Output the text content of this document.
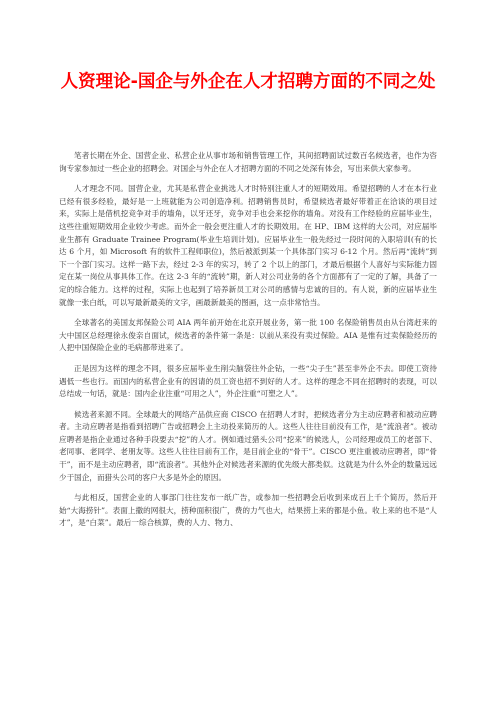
人资理论-国企与外企在人才招聘方面的不同之处

笔者长期在外企、国营企业、私营企业从事市场和销售管理工作，其间招聘面试过数百名候选者，也作为咨询专家参加过一些企业的招聘会。对国企与外企在人才招聘方面的不同之处深有体会，写出来供大家参考。

人才理念不同。国营企业，尤其是私营企业挑选人才时特别注重人才的短期效用。希望招聘的人才在本行业已经有很多经验，最好是一上班就能为公司创造净利。招聘销售员时，希望候选者最好带着正在洽谈的项目过来，实际上是借机挖竞争对手的墙角，以牙还牙，竞争对手也会来挖你的墙角。对没有工作经验的应届毕业生，这些往重短期效用企业较少考虑。而外企一般会更注重人才的长期效用。在 HP、IBM 这样的大公司，对应届毕业生都有 Graduate Trainee Program(毕业生培训计划)。应届毕业生一般先经过一段时间的入职培训(有的长达 6 个月，如 Microsoft 有的软件工程师职位)，然后被派到某一个具体部门实习 6-12 个月。然后再“流转”到下一个部门实习。这样一路下去，经过 2-3 年的实习，转了 2 个以上的部门，才最后根据个人喜好与实际能力固定在某一岗位从事具体工作。在这 2-3 年的“流转”期，新人对公司业务的各个方面都有了一定的了解，具备了一定的综合能力。这样的过程，实际上也起到了培养新员工对公司的感情与忠诚的目的。有人说，新的应届毕业生就像一张白纸，可以写最新最美的文字，画最新最美的图画，这一点非常恰当。

全球著名的美国友邦保险公司 AIA 两年前开始在北京开展业务，第一批 100 名保险销售员由从台湾赶来的大中国区总经理徐永俊亲自面试，候选者的条件第一条是：以前从来没有卖过保险。AIA 是惟有过卖保险经历的人把中国保险企业的毛病都带进来了。

正是因为这样的理念不同，很多应届毕业生削尖脑袋往外企钻，一些“尖子生”甚至非外企不去。即使工资待遇低一些也行。而国内的私营企业有的因请的员工资也招不到好的人才。这样的理念不同在招聘时的表现，可以总结成一句话，就是：国内企业注重“可用之人”，外企注重“可塑之人”。

候选者来源不同。全球最大的网络产品供应商 CISCO 在招聘人才时，把候选者分为主动应聘者和被动应聘者。主动应聘者是指看到招聘广告或招聘会上主动投来简历的人。这些人往往目前没有工作，是“流浪者”。被动应聘者是指企业通过各种手段要去“挖”的人才。例如通过猎头公司“挖来”的候选人，公司经理或员工的老部下、老同事、老同学、老朋友等。这些人往往目前有工作，是目前企业的“骨干”。CISCO 更注重被动应聘者，即“骨干”，而不是主动应聘者，即“流浪者”。其他外企对候选者来源的优先级大都类似。这就是为什么外企的数量远远少于国企，而猎头公司的客户大多是外企的原因。

与此相反，国营企业的人事部门往往发布一纸广告，或参加一些招聘会后收到来成百上千个简历，然后开始“大海捞针”。表面上撒的网很大，捞种面积很广，费的力气也大，结果捞上来的都是小鱼。收上来的也不是“人才”，是“白菜”。最后一综合核算，费的人力、物力、
